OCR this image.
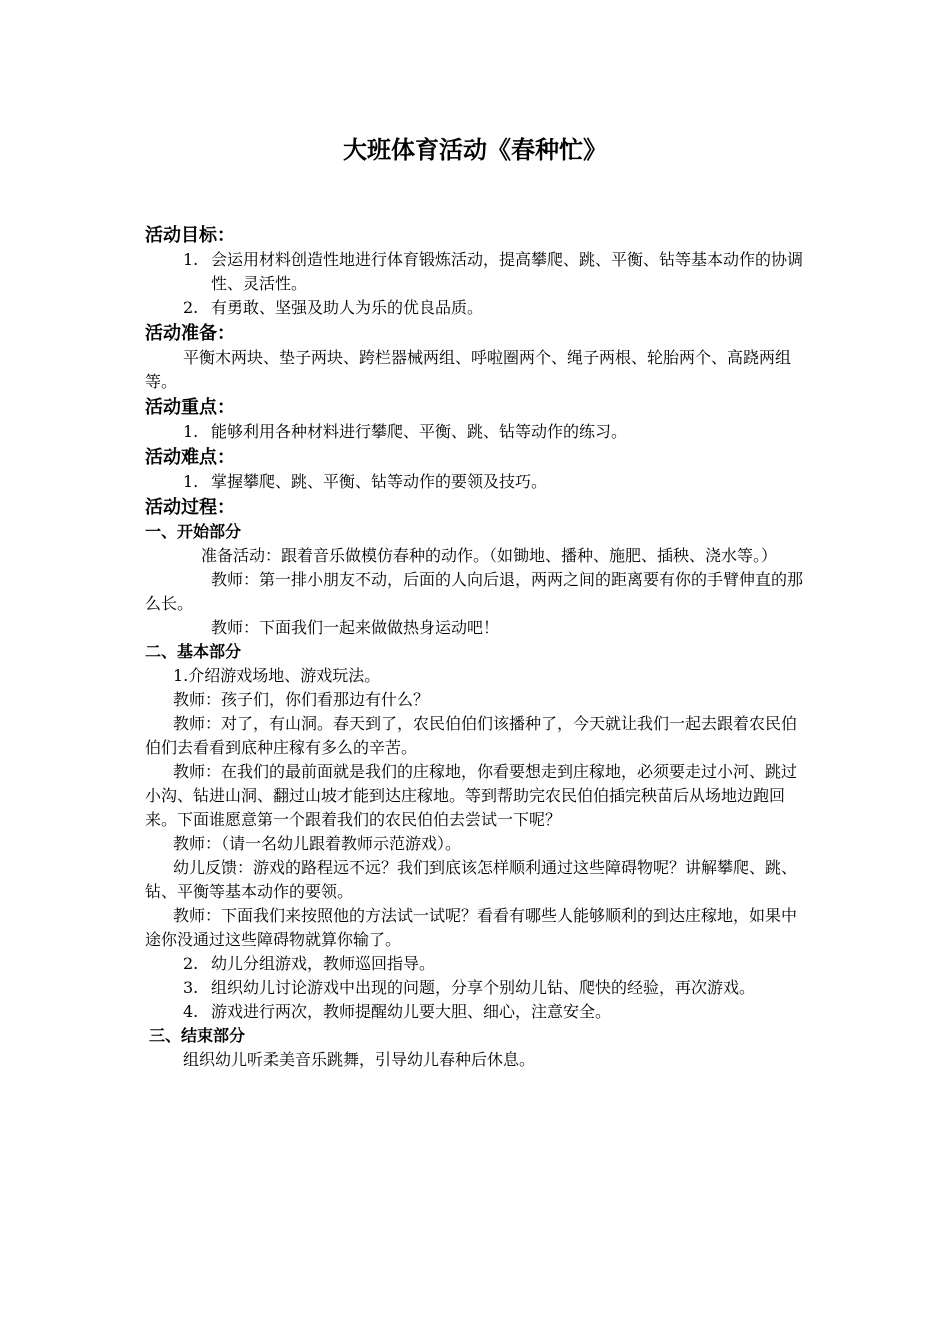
大班体育活动《春种忙》
活动目标：
1. 会运用材料创造性地进行体育锻炼活动，提高攀爬、跳、平衡、钻等基本动作的协调性、灵活性。
2. 有勇敢、坚强及助人为乐的优良品质。
活动准备：
平衡木两块、垫子两块、跨栏器械两组、呼啦圈两个、绳子两根、轮胎两个、高跷两组等。
活动重点：
1. 能够利用各种材料进行攀爬、平衡、跳、钻等动作的练习。
活动难点：
1. 掌握攀爬、跳、平衡、钻等动作的要领及技巧。
活动过程：
一、开始部分
准备活动：跟着音乐做模仿春种的动作。（如锄地、播种、施肥、插秧、浇水等。）
教师：第一排小朋友不动，后面的人向后退，两两之间的距离要有你的手臂伸直的那么长。
教师：下面我们一起来做做热身运动吧！
二、基本部分
1.介绍游戏场地、游戏玩法。
教师：孩子们，你们看那边有什么？
教师：对了，有山洞。春天到了，农民伯伯们该播种了，今天就让我们一起去跟着农民伯伯们去看看到底种庄稼有多么的辛苦。
教师：在我们的最前面就是我们的庄稼地，你看要想走到庄稼地，必须要走过小河、跳过小沟、钻进山洞、翻过山坡才能到达庄稼地。等到帮助完农民伯伯插完秧苗后从场地边跑回来。下面谁愿意第一个跟着我们的农民伯伯去尝试一下呢？
教师：（请一名幼儿跟着教师示范游戏）。
幼儿反馈：游戏的路程远不远？我们到底该怎样顺利通过这些障碍物呢？讲解攀爬、跳、钻、平衡等基本动作的要领。
教师：下面我们来按照他的方法试一试呢？看看有哪些人能够顺利的到达庄稼地，如果中途你没通过这些障碍物就算你输了。
2. 幼儿分组游戏，教师巡回指导。
3. 组织幼儿讨论游戏中出现的问题，分享个别幼儿钻、爬快的经验，再次游戏。
4. 游戏进行两次，教师提醒幼儿要大胆、细心，注意安全。
三、结束部分
组织幼儿听柔美音乐跳舞，引导幼儿春种后休息。
